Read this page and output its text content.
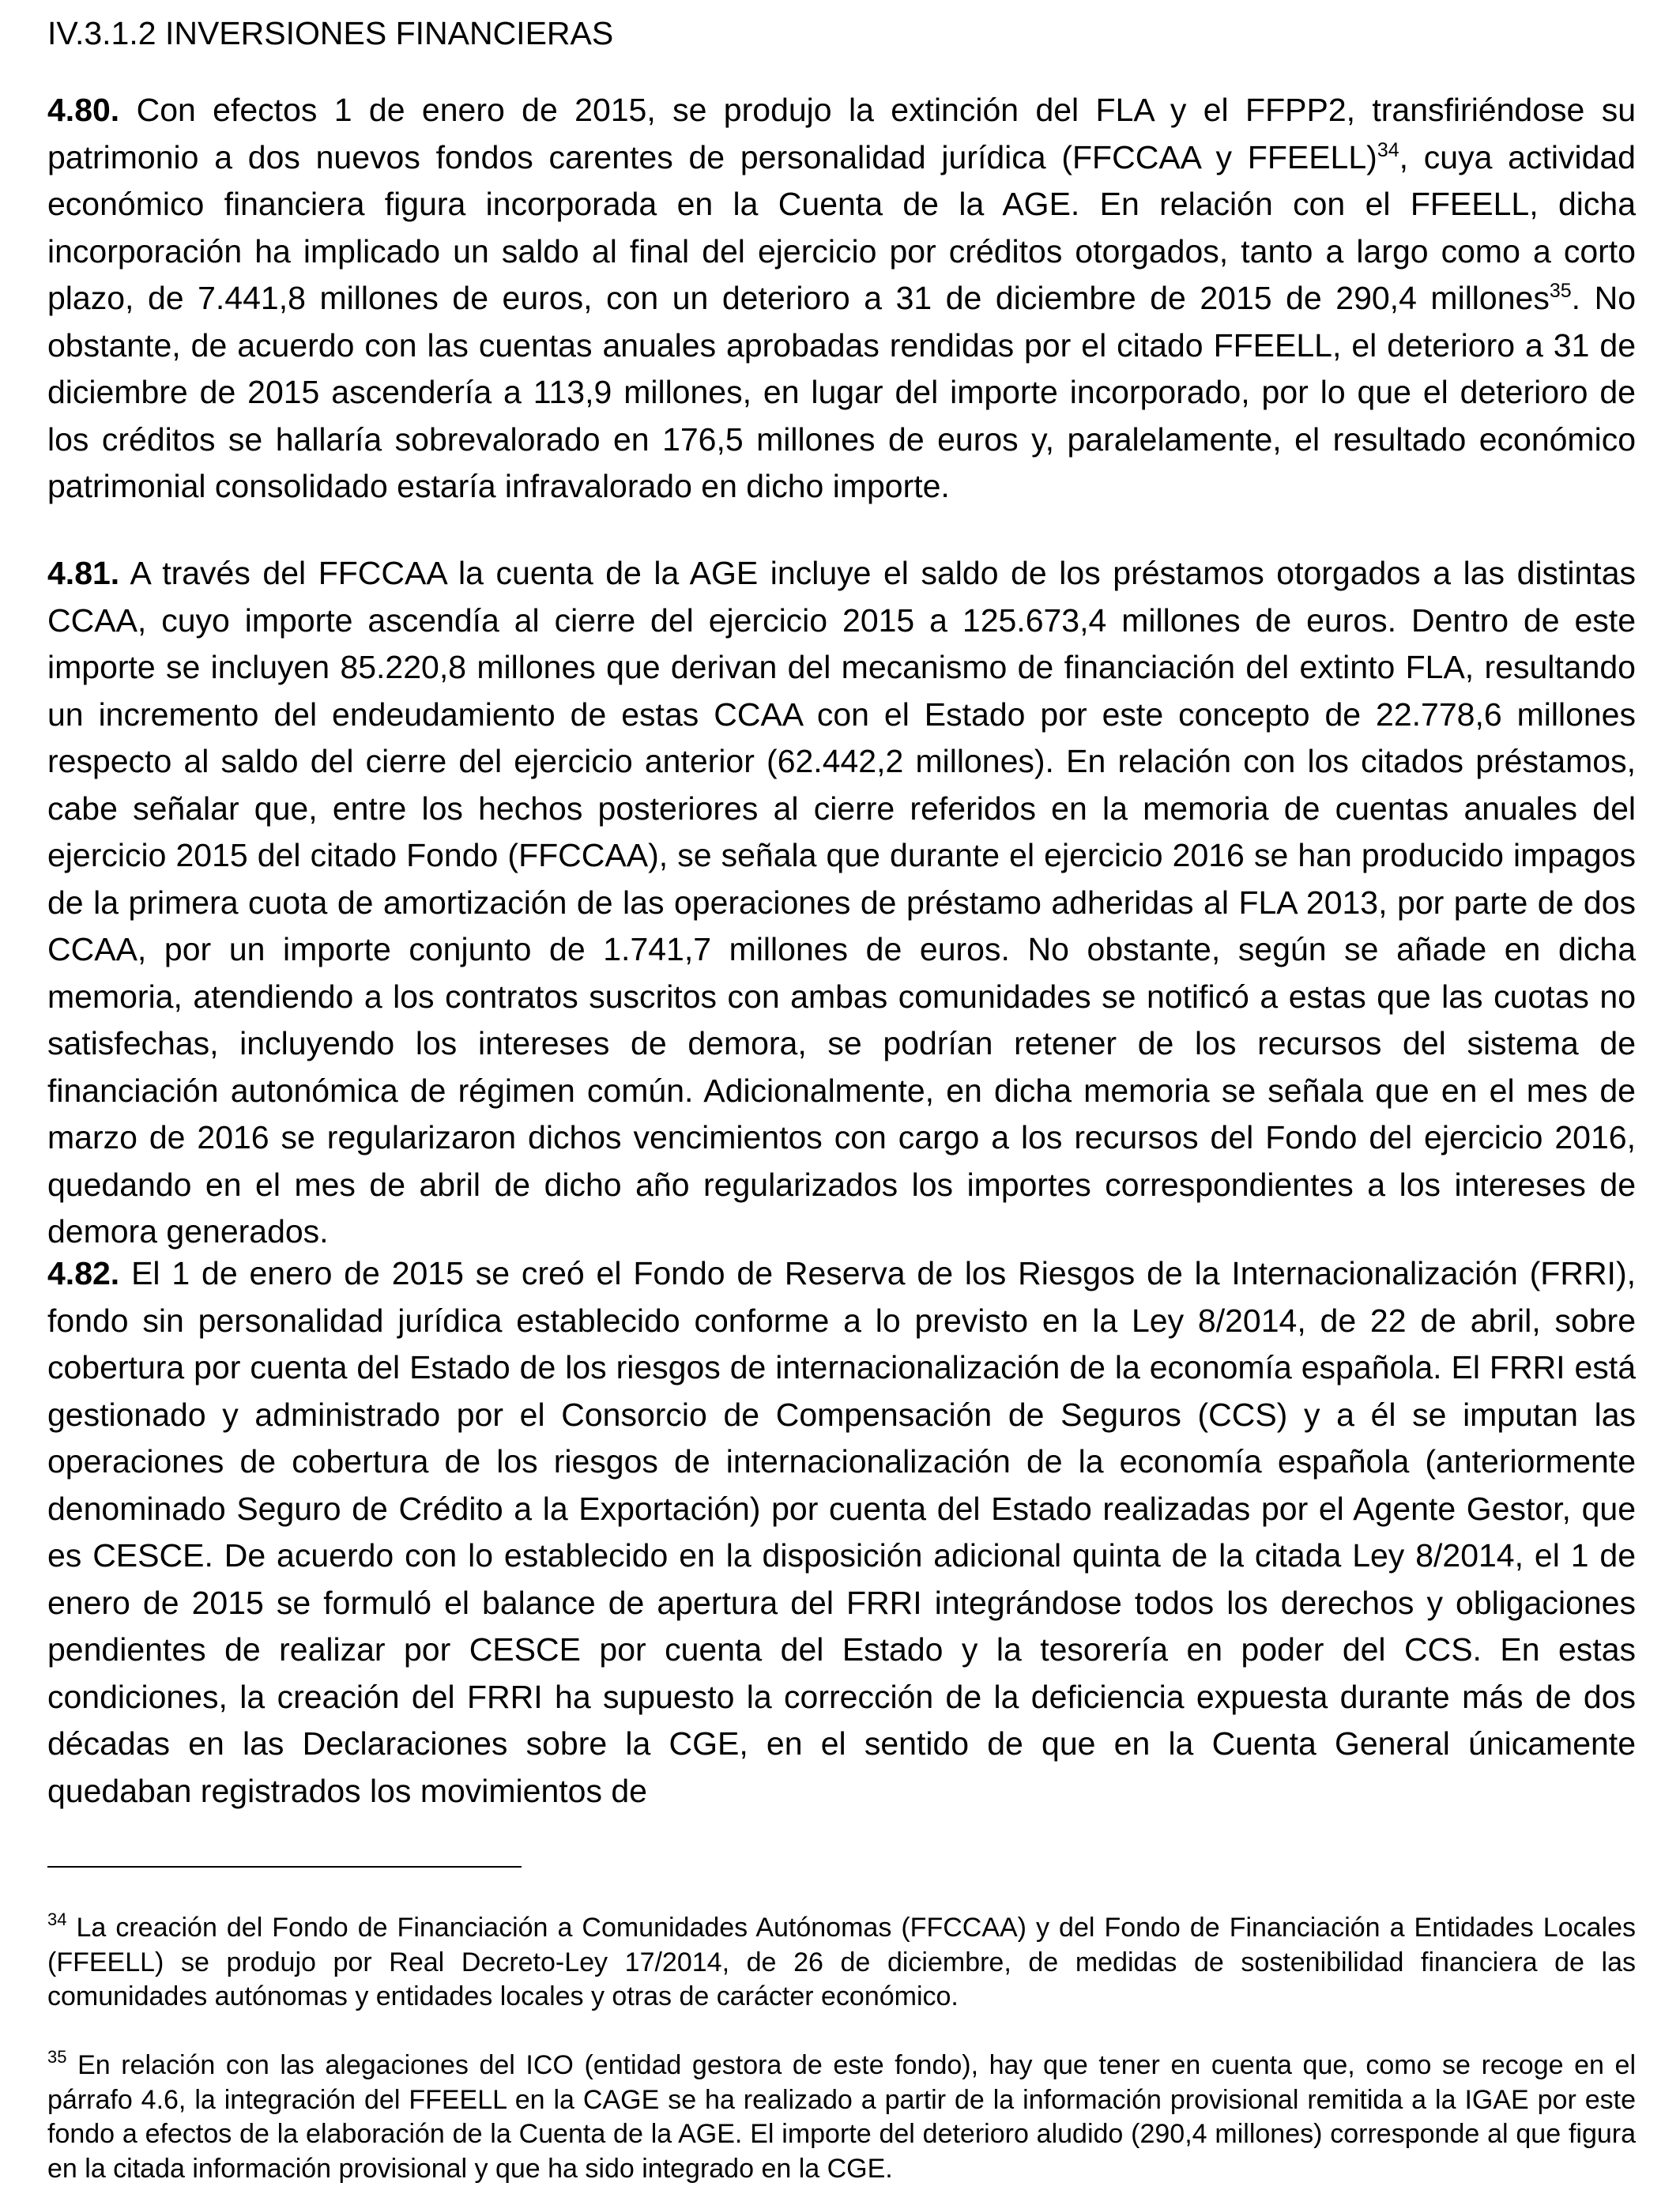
IV.3.1.2 INVERSIONES FINANCIERAS

4.80. Con efectos 1 de enero de 2015, se produjo la extinción del FLA y el FFPP2, transfiriéndose su patrimonio a dos nuevos fondos carentes de personalidad jurídica (FFCCAA y FFEELL)$^{34}$, cuya actividad económico financiera figura incorporada en la Cuenta de la AGE. En relación con el FFEELL, dicha incorporación ha implicado un saldo al final del ejercicio por créditos otorgados, tanto a largo como a corto plazo, de 7.441,8 millones de euros, con un deterioro a 31 de diciembre de 2015 de 290,4 millones$^{35}$. No obstante, de acuerdo con las cuentas anuales aprobadas rendidas por el citado FFEELL, el deterioro a 31 de diciembre de 2015 ascendería a 113,9 millones, en lugar del importe incorporado, por lo que el deterioro de los créditos se hallaría sobrevalorado en 176,5 millones de euros y, paralelamente, el resultado económico patrimonial consolidado estaría infravalorado en dicho importe.

4.81. A través del FFCCAA la cuenta de la AGE incluye el saldo de los préstamos otorgados a las distintas CCAA, cuyo importe ascendía al cierre del ejercicio 2015 a 125.673,4 millones de euros. Dentro de este importe se incluyen 85.220,8 millones que derivan del mecanismo de financiación del extinto FLA, resultando un incremento del endeudamiento de estas CCAA con el Estado por este concepto de 22.778,6 millones respecto al saldo del cierre del ejercicio anterior (62.442,2 millones). En relación con los citados préstamos, cabe señalar que, entre los hechos posteriores al cierre referidos en la memoria de cuentas anuales del ejercicio 2015 del citado Fondo (FFCCAA), se señala que durante el ejercicio 2016 se han producido impagos de la primera cuota de amortización de las operaciones de préstamo adheridas al FLA 2013, por parte de dos CCAA, por un importe conjunto de 1.741,7 millones de euros. No obstante, según se añade en dicha memoria, atendiendo a los contratos suscritos con ambas comunidades se notificó a estas que las cuotas no satisfechas, incluyendo los intereses de demora, se podrían retener de los recursos del sistema de financiación autonómica de régimen común. Adicionalmente, en dicha memoria se señala que en el mes de marzo de 2016 se regularizaron dichos vencimientos con cargo a los recursos del Fondo del ejercicio 2016, quedando en el mes de abril de dicho año regularizados los importes correspondientes a los intereses de demora generados.

4.82. El 1 de enero de 2015 se creó el Fondo de Reserva de los Riesgos de la Internacionalización (FRRI), fondo sin personalidad jurídica establecido conforme a lo previsto en la Ley 8/2014, de 22 de abril, sobre cobertura por cuenta del Estado de los riesgos de internacionalización de la economía española. El FRRI está gestionado y administrado por el Consorcio de Compensación de Seguros (CCS) y a él se imputan las operaciones de cobertura de los riesgos de internacionalización de la economía española (anteriormente denominado Seguro de Crédito a la Exportación) por cuenta del Estado realizadas por el Agente Gestor, que es CESCE. De acuerdo con lo establecido en la disposición adicional quinta de la citada Ley 8/2014, el 1 de enero de 2015 se formuló el balance de apertura del FRRI integrándose todos los derechos y obligaciones pendientes de realizar por CESCE por cuenta del Estado y la tesorería en poder del CCS. En estas condiciones, la creación del FRRI ha supuesto la corrección de la deficiencia expuesta durante más de dos décadas en las Declaraciones sobre la CGE, en el sentido de que en la Cuenta General únicamente quedaban registrados los movimientos de

$^{34}$ La creación del Fondo de Financiación a Comunidades Autónomas (FFCCAA) y del Fondo de Financiación a Entidades Locales (FFEELL) se produjo por Real Decreto-Ley 17/2014, de 26 de diciembre, de medidas de sostenibilidad financiera de las comunidades autónomas y entidades locales y otras de carácter económico.

$^{35}$ En relación con las alegaciones del ICO (entidad gestora de este fondo), hay que tener en cuenta que, como se recoge en el párrafo 4.6, la integración del FFEELL en la CAGE se ha realizado a partir de la información provisional remitida a la IGAE por este fondo a efectos de la elaboración de la Cuenta de la AGE. El importe del deterioro aludido (290,4 millones) corresponde al que figura en la citada información provisional y que ha sido integrado en la CGE.
